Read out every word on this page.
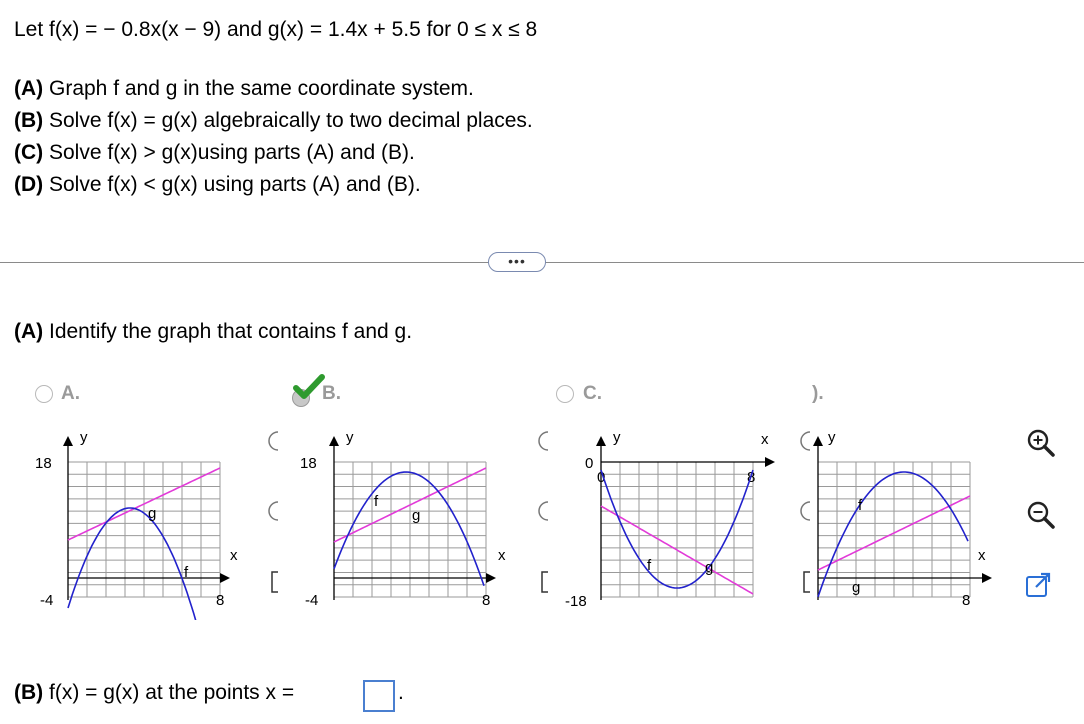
Let f(x) = − 0.8x(x − 9) and g(x) = 1.4x + 5.5 for 0 ≤ x ≤ 8
(A) Graph f and g in the same coordinate system.
(B) Solve f(x) = g(x) algebraically to two decimal places.
(C) Solve f(x) > g(x)using parts (A) and (B).
(D) Solve f(x) < g(x) using parts (A) and (B).
•••
(A) Identify the graph that contains f and g.
A.	B.	C.	).
18
-4	8
y
x
g
f
18
-4	8
y
x
g
f
0
-18
8
0
y	x
f	g
8
y
x
g
f
(B) f(x) = g(x) at the points x =	.
